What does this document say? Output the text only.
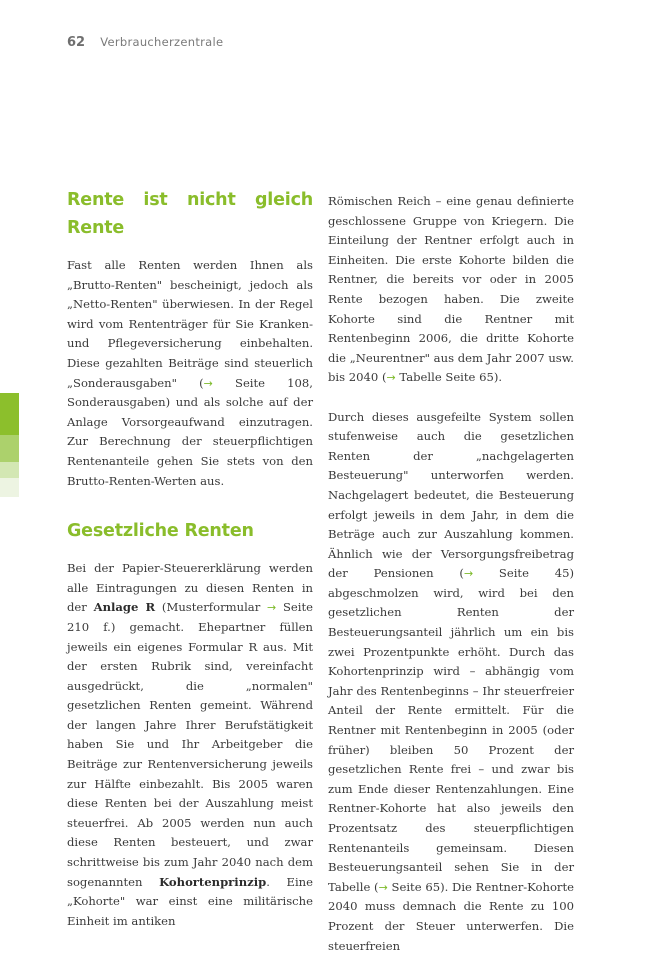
62 Verbraucherzentrale
Rente ist nicht gleich Rente

Fast alle Renten werden Ihnen als „Brutto-Renten" bescheinigt, jedoch als „Netto-Renten" überwiesen. In der Regel wird vom Rententräger für Sie Kranken- und Pflegeversicherung einbehalten. Diese gezahlten Beiträge sind steuerlich „Sonderausgaben" (→ Seite 108, Sonderausgaben) und als solche auf der Anlage Vorsorgeaufwand einzutragen. Zur Berechnung der steuerpflichtigen Rentenanteile gehen Sie stets von den Brutto-Renten-Werten aus.

Gesetzliche Renten

Bei der Papier-Steuererklärung werden alle Eintragungen zu diesen Renten in der Anlage R (Musterformular → Seite 210 f.) gemacht. Ehepartner füllen jeweils ein eigenes Formular R aus. Mit der ersten Rubrik sind, vereinfacht ausgedrückt, die „normalen" gesetzlichen Renten gemeint. Während der langen Jahre Ihrer Berufstätigkeit haben Sie und Ihr Arbeitgeber die Beiträge zur Rentenversicherung jeweils zur Hälfte einbezahlt. Bis 2005 waren diese Renten bei der Auszahlung meist steuerfrei. Ab 2005 werden nun auch diese Renten besteuert, und zwar schrittweise bis zum Jahr 2040 nach dem sogenannten Kohortenprinzip. Eine „Kohorte" war einst eine militärische Einheit im antiken

Römischen Reich – eine genau definierte geschlossene Gruppe von Kriegern. Die Einteilung der Rentner erfolgt auch in Einheiten. Die erste Kohorte bilden die Rentner, die bereits vor oder in 2005 Rente bezogen haben. Die zweite Kohorte sind die Rentner mit Rentenbeginn 2006, die dritte Kohorte die „Neurentner" aus dem Jahr 2007 usw. bis 2040 (→ Tabelle Seite 65).

Durch dieses ausgefeilte System sollen stufenweise auch die gesetzlichen Renten der „nachgelagerten Besteuerung" unterworfen werden. Nachgelagert bedeutet, die Besteuerung erfolgt jeweils in dem Jahr, in dem die Beträge auch zur Auszahlung kommen. Ähnlich wie der Versorgungsfreibetrag der Pensionen (→ Seite 45) abgeschmolzen wird, wird bei den gesetzlichen Renten der Besteuerungsanteil jährlich um ein bis zwei Prozentpunkte erhöht. Durch das Kohortenprinzip wird – abhängig vom Jahr des Rentenbeginns – Ihr steuerfreier Anteil der Rente ermittelt. Für die Rentner mit Rentenbeginn in 2005 (oder früher) bleiben 50 Prozent der gesetzlichen Rente frei – und zwar bis zum Ende dieser Rentenzahlungen. Eine Rentner-Kohorte hat also jeweils den Prozentsatz des steuerpflichtigen Rentenanteils gemeinsam. Diesen Besteuerungsanteil sehen Sie in der Tabelle (→ Seite 65). Die Rentner-Kohorte 2040 muss demnach die Rente zu 100 Prozent der Steuer unterwerfen. Die steuerfreien
